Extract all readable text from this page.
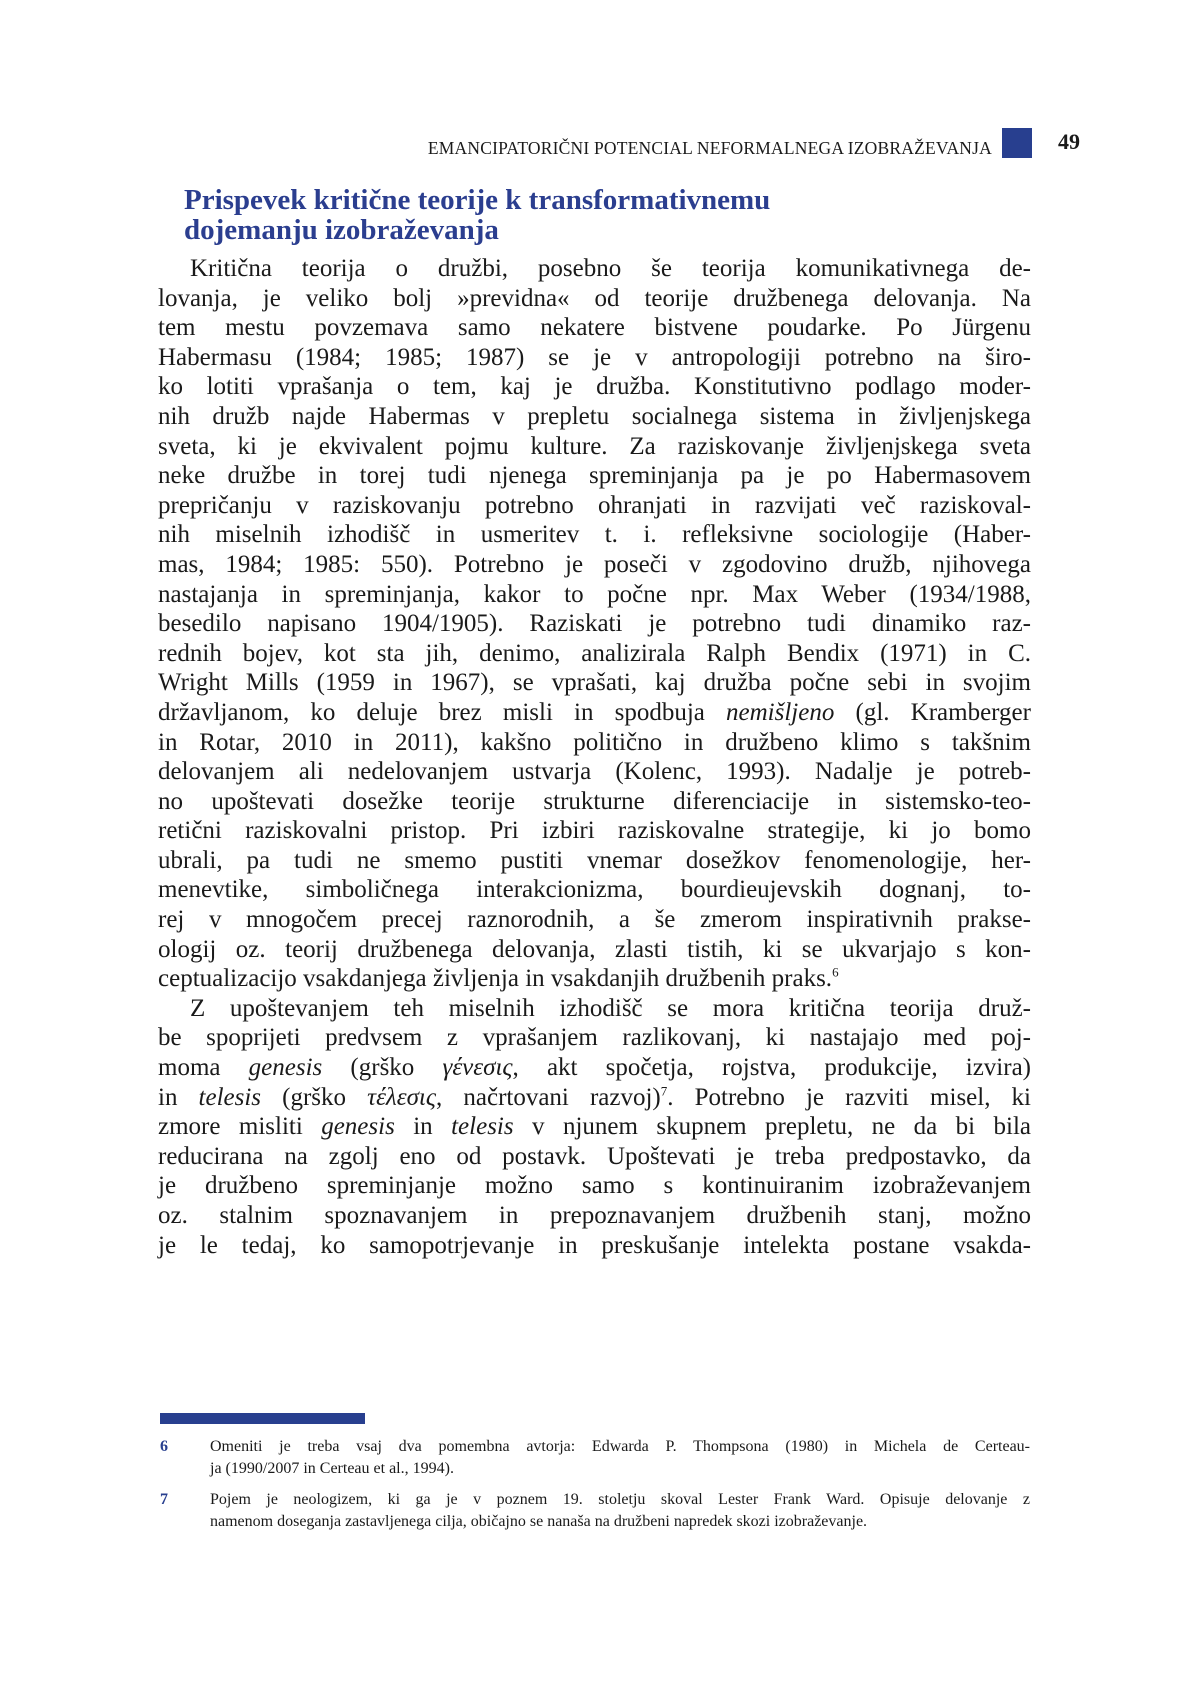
EMANCIPATORIČNI POTENCIAL NEFORMALNEGA IZOBRAŽEVANJA	49
Prispevek kritične teorije k transformativnemu
dojemanju izobraževanja
Kritična teorija o družbi, posebno še teorija komunikativnega de-
lovanja, je veliko bolj »previdna« od teorije družbenega delovanja. Na
tem mestu povzemava samo nekatere bistvene poudarke. Po Jürgenu
Habermasu (1984; 1985; 1987) se je v antropologiji potrebno na širo-
ko lotiti vprašanja o tem, kaj je družba. Konstitutivno podlago moder-
nih družb najde Habermas v prepletu socialnega sistema in življenjskega
sveta, ki je ekvivalent pojmu kulture. Za raziskovanje življenjskega sveta
neke družbe in torej tudi njenega spreminjanja pa je po Habermasovem
prepričanju v raziskovanju potrebno ohranjati in razvijati več raziskoval-
nih miselnih izhodišč in usmeritev t. i. refleksivne sociologije (Haber-
mas, 1984; 1985: 550). Potrebno je poseči v zgodovino družb, njihovega
nastajanja in spreminjanja, kakor to počne npr. Max Weber (1934/1988,
besedilo napisano 1904/1905). Raziskati je potrebno tudi dinamiko raz-
rednih bojev, kot sta jih, denimo, analizirala Ralph Bendix (1971) in C.
Wright Mills (1959 in 1967), se vprašati, kaj družba počne sebi in svojim
državljanom, ko deluje brez misli in spodbuja nemišljeno (gl. Kramberger
in Rotar, 2010 in 2011), kakšno politično in družbeno klimo s takšnim
delovanjem ali nedelovanjem ustvarja (Kolenc, 1993). Nadalje je potreb-
no upoštevati dosežke teorije strukturne diferenciacije in sistemsko-teo-
retični raziskovalni pristop. Pri izbiri raziskovalne strategije, ki jo bomo
ubrali, pa tudi ne smemo pustiti vnemar dosežkov fenomenologije, her-
menevtike, simboličnega interakcionizma, bourdieujevskih dognanj, to-
rej v mnogočem precej raznorodnih, a še zmerom inspirativnih prakse-
ologij oz. teorij družbenega delovanja, zlasti tistih, ki se ukvarjajo s kon-
ceptualizacijo vsakdanjega življenja in vsakdanjih družbenih praks.$^6$
Z upoštevanjem teh miselnih izhodišč se mora kritična teorija druž-
be spoprijeti predvsem z vprašanjem razlikovanj, ki nastajajo med poj-
moma genesis (grško γένεσις, akt spočetja, rojstva, produkcije, izvira)
in telesis (grško τέλεσις, načrtovani razvoj)$^7$. Potrebno je razviti misel, ki
zmore misliti genesis in telesis v njunem skupnem prepletu, ne da bi bila
reducirana na zgolj eno od postavk. Upoštevati je treba predpostavko, da
je družbeno spreminjanje možno samo s kontinuiranim izobraževanjem
oz. stalnim spoznavanjem in prepoznavanjem družbenih stanj, možno
je le tedaj, ko samopotrjevanje in preskušanje intelekta postane vsakda-
6	Omeniti je treba vsaj dva pomembna avtorja: Edwarda P. Thompsona (1980) in Michela de Certeau-
ja (1990/2007 in Certeau et al., 1994).
7	Pojem je neologizem, ki ga je v poznem 19. stoletju skoval Lester Frank Ward. Opisuje delovanje z
namenom doseganja zastavljenega cilja, običajno se nanaša na družbeni napredek skozi izobraževanje.
